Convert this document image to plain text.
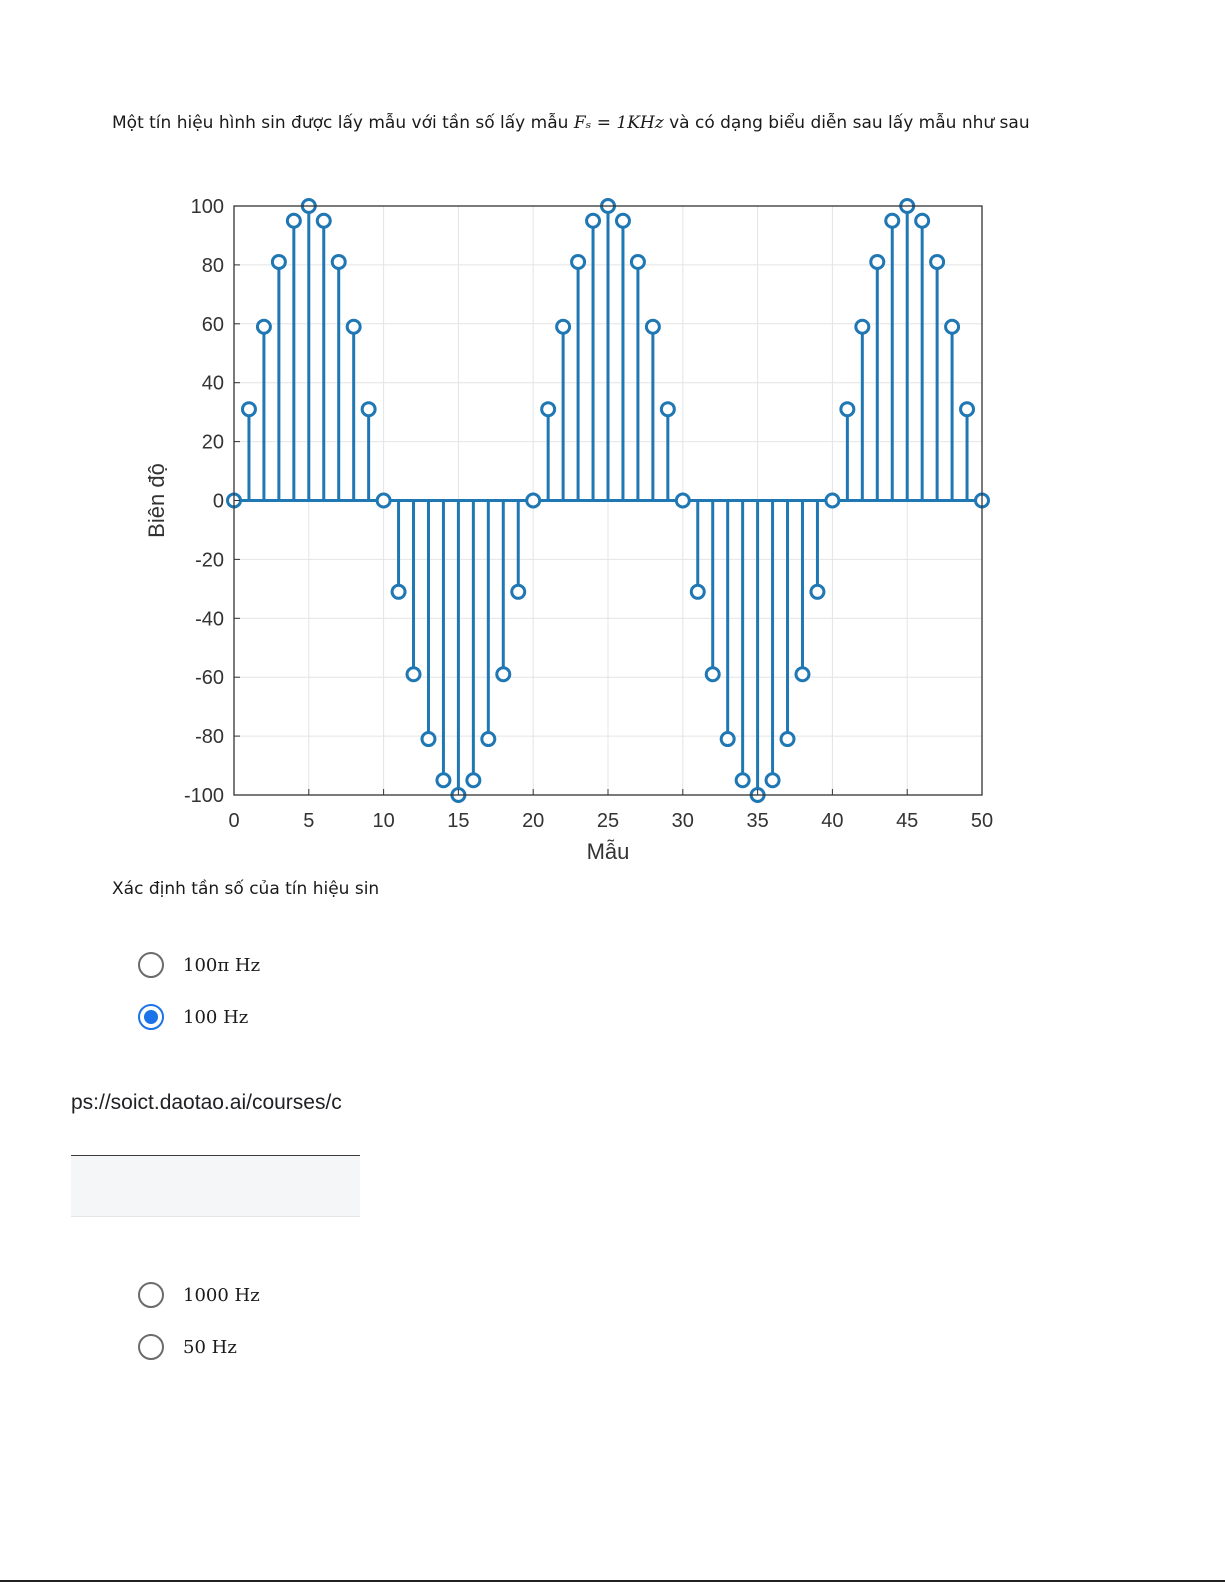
Một tín hiệu hình sin được lấy mẫu với tần số lấy mẫu Fₛ = 1KHz và có dạng biểu diễn sau lấy mẫu như sau
0	5	10	15	20	25	30	35	40	45	50
100
80
60
40
20
0
-20
-40
-60
-80
-100
Mẫu
Biên độ
Xác định tần số của tín hiệu sin
100π Hz
100 Hz
ps://soict.daotao.ai/courses/c
1000 Hz
50 Hz
